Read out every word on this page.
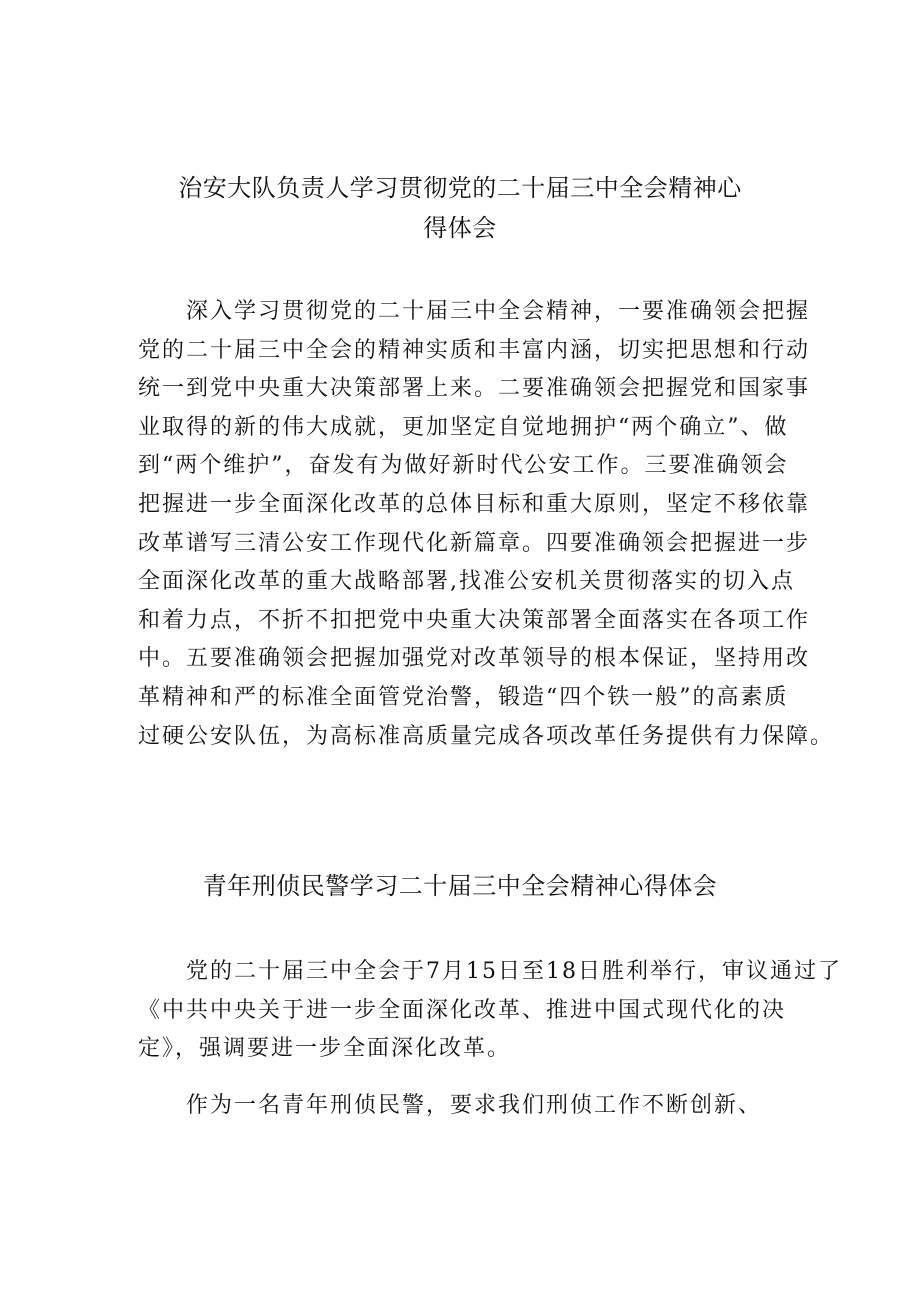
治安大队负责人学习贯彻党的二十届三中全会精神心
得体会
　　深入学习贯彻党的二十届三中全会精神，一要准确领会把握
党的二十届三中全会的精神实质和丰富内涵，切实把思想和行动
统一到党中央重大决策部署上来。二要准确领会把握党和国家事
业取得的新的伟大成就，更加坚定自觉地拥护“两个确立”、做
到“两个维护”，奋发有为做好新时代公安工作。三要准确领会
把握进一步全面深化改革的总体目标和重大原则，坚定不移依靠
改革谱写三清公安工作现代化新篇章。四要准确领会把握进一步
全面深化改革的重大战略部署,找准公安机关贯彻落实的切入点
和着力点，不折不扣把党中央重大决策部署全面落实在各项工作
中。五要准确领会把握加强党对改革领导的根本保证，坚持用改
革精神和严的标准全面管党治警，锻造“四个铁一般”的高素质
过硬公安队伍，为高标准高质量完成各项改革任务提供有力保障。
青年刑侦民警学习二十届三中全会精神心得体会
　　党的二十届三中全会于7月15日至18日胜利举行，审议通过了
《中共中央关于进一步全面深化改革、推进中国式现代化的决
定》，强调要进一步全面深化改革。
　　作为一名青年刑侦民警，要求我们刑侦工作不断创新、
